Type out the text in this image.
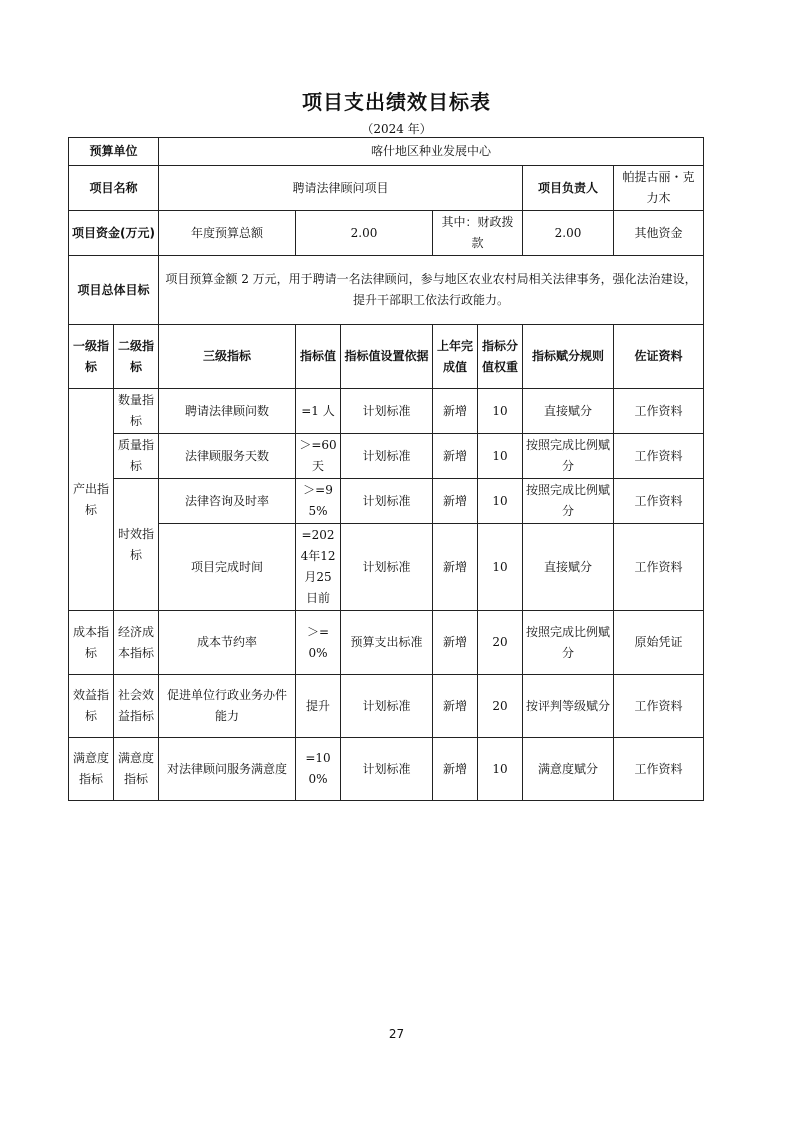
项目支出绩效目标表
（2024 年）
预算单位		喀什地区种业发展中心						
项目名称		聘请法律顾问项目					项目负责人	帕提古丽・克力木
项目资金(万元)		年度预算总额	2.00		其中：财政拨款		2.00	其他资金
项目总体目标		项目预算金额 2 万元，用于聘请一名法律顾问，参与地区农业农村局相关法律事务，强化法治建设，提升干部职工依法行政能力。						
一级指标	二级指标	三级指标	指标值	指标值设置依据	上年完成值	指标分值权重	指标赋分规则	佐证资料
产出指标	数量指标	聘请法律顾问数	=1 人	计划标准	新增	10	直接赋分	工作资料
	质量指标	法律顾服务天数	＞=60天	计划标准	新增	10	按照完成比例赋分	工作资料
	时效指标	法律咨询及时率	＞=95%	计划标准	新增	10	按照完成比例赋分	工作资料
		项目完成时间	=2024年12月25日前	计划标准	新增	10	直接赋分	工作资料
成本指标	经济成本指标	成本节约率	＞=0%	预算支出标准	新增	20	按照完成比例赋分	原始凭证
效益指标	社会效益指标	促进单位行政业务办件能力	提升	计划标准	新增	20	按评判等级赋分	工作资料
满意度指标	满意度指标	对法律顾问服务满意度	=100%	计划标准	新增	10	满意度赋分	工作资料
27
